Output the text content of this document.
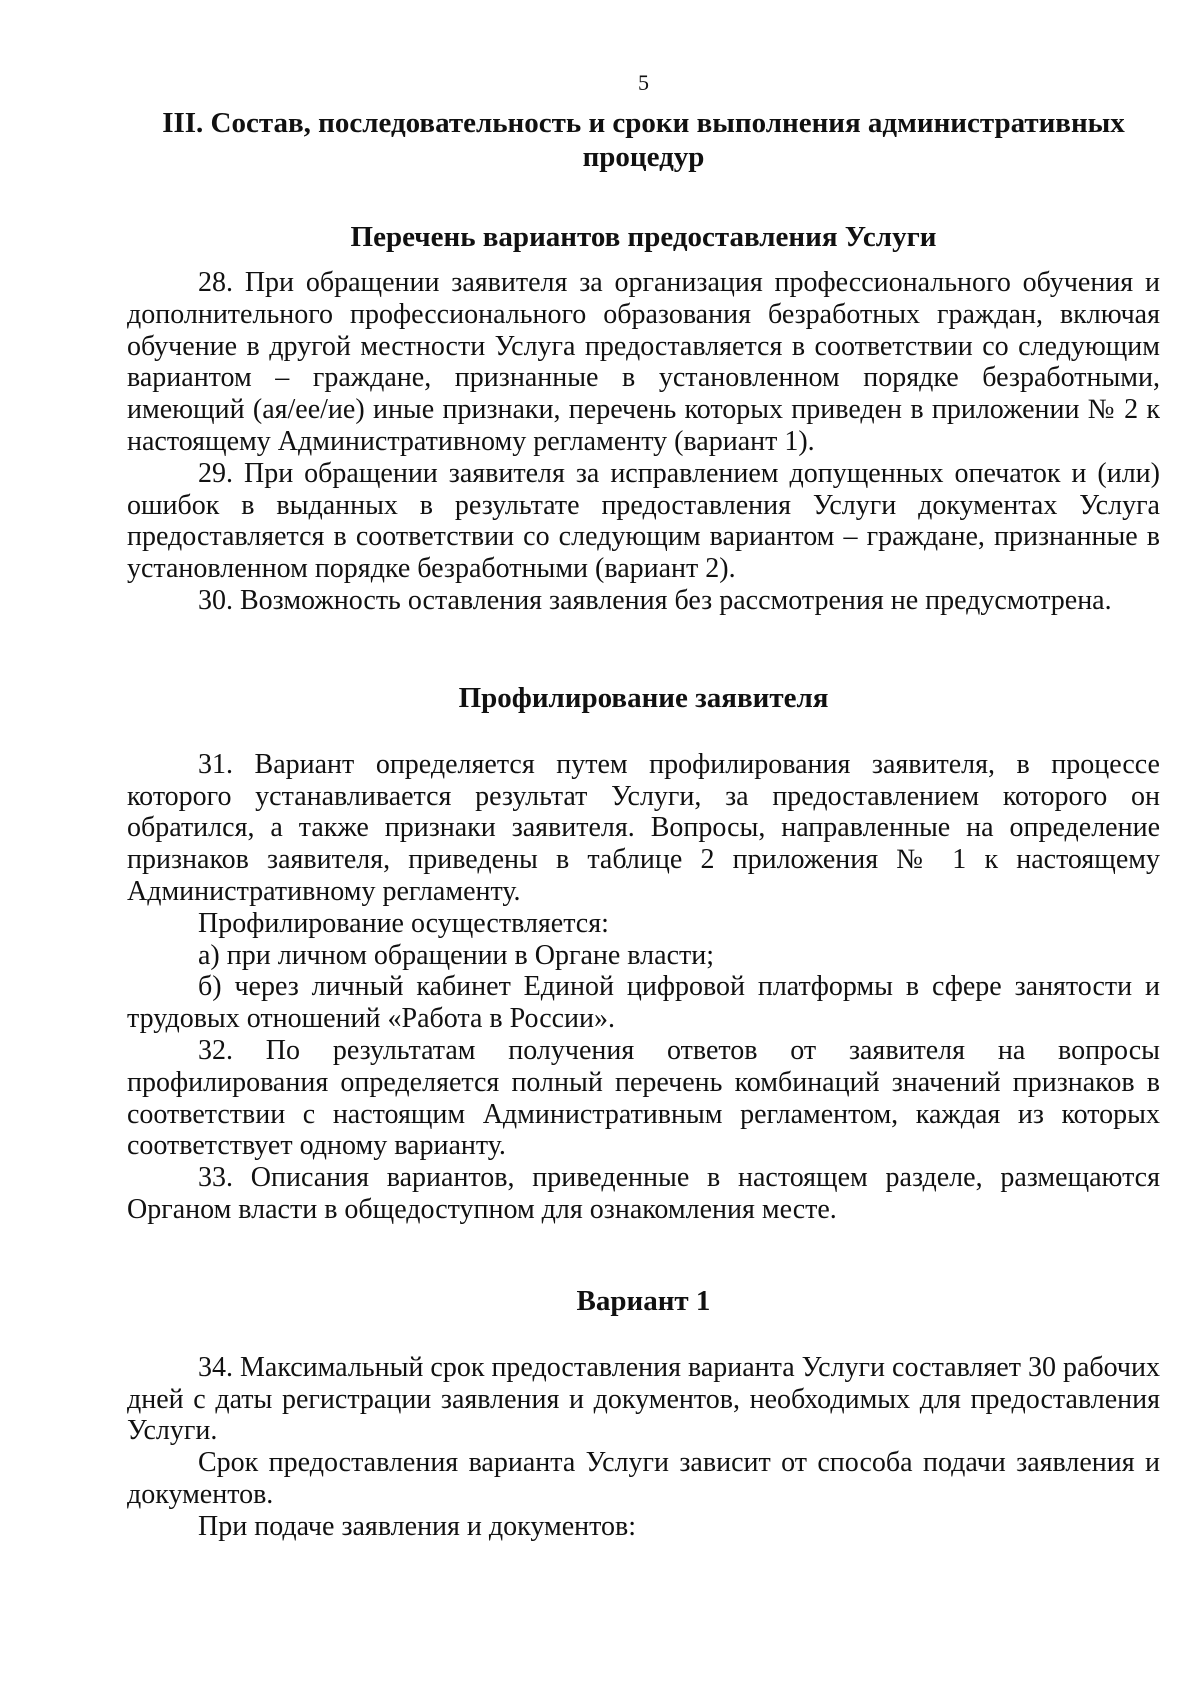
5
III. Состав, последовательность и сроки выполнения административных процедур
Перечень вариантов предоставления Услуги

28. При обращении заявителя за организация профессионального обучения и дополнительного профессионального образования безработных граждан, включая обучение в другой местности Услуга предоставляется в соответствии со следующим вариантом – граждане, признанные в установленном порядке безработными, имеющий (ая/ее/ие) иные признаки, перечень которых приведен в приложении № 2 к настоящему Административному регламенту (вариант 1).

29. При обращении заявителя за исправлением допущенных опечаток и (или) ошибок в выданных в результате предоставления Услуги документах Услуга предоставляется в соответствии со следующим вариантом – граждане, признанные в установленном порядке безработными (вариант 2).

30. Возможность оставления заявления без рассмотрения не предусмотрена.

Профилирование заявителя

31. Вариант определяется путем профилирования заявителя, в процессе которого устанавливается результат Услуги, за предоставлением которого он обратился, а также признаки заявителя. Вопросы, направленные на определение признаков заявителя, приведены в таблице 2 приложения № 1 к настоящему Административному регламенту.

Профилирование осуществляется:

а) при личном обращении в Органе власти;

б) через личный кабинет Единой цифровой платформы в сфере занятости и трудовых отношений «Работа в России».

32. По результатам получения ответов от заявителя на вопросы профилирования определяется полный перечень комбинаций значений признаков в соответствии с настоящим Административным регламентом, каждая из которых соответствует одному варианту.

33. Описания вариантов, приведенные в настоящем разделе, размещаются Органом власти в общедоступном для ознакомления месте.

Вариант 1

34. Максимальный срок предоставления варианта Услуги составляет 30 рабочих дней с даты регистрации заявления и документов, необходимых для предоставления Услуги.

Срок предоставления варианта Услуги зависит от способа подачи заявления и документов.

При подаче заявления и документов:
